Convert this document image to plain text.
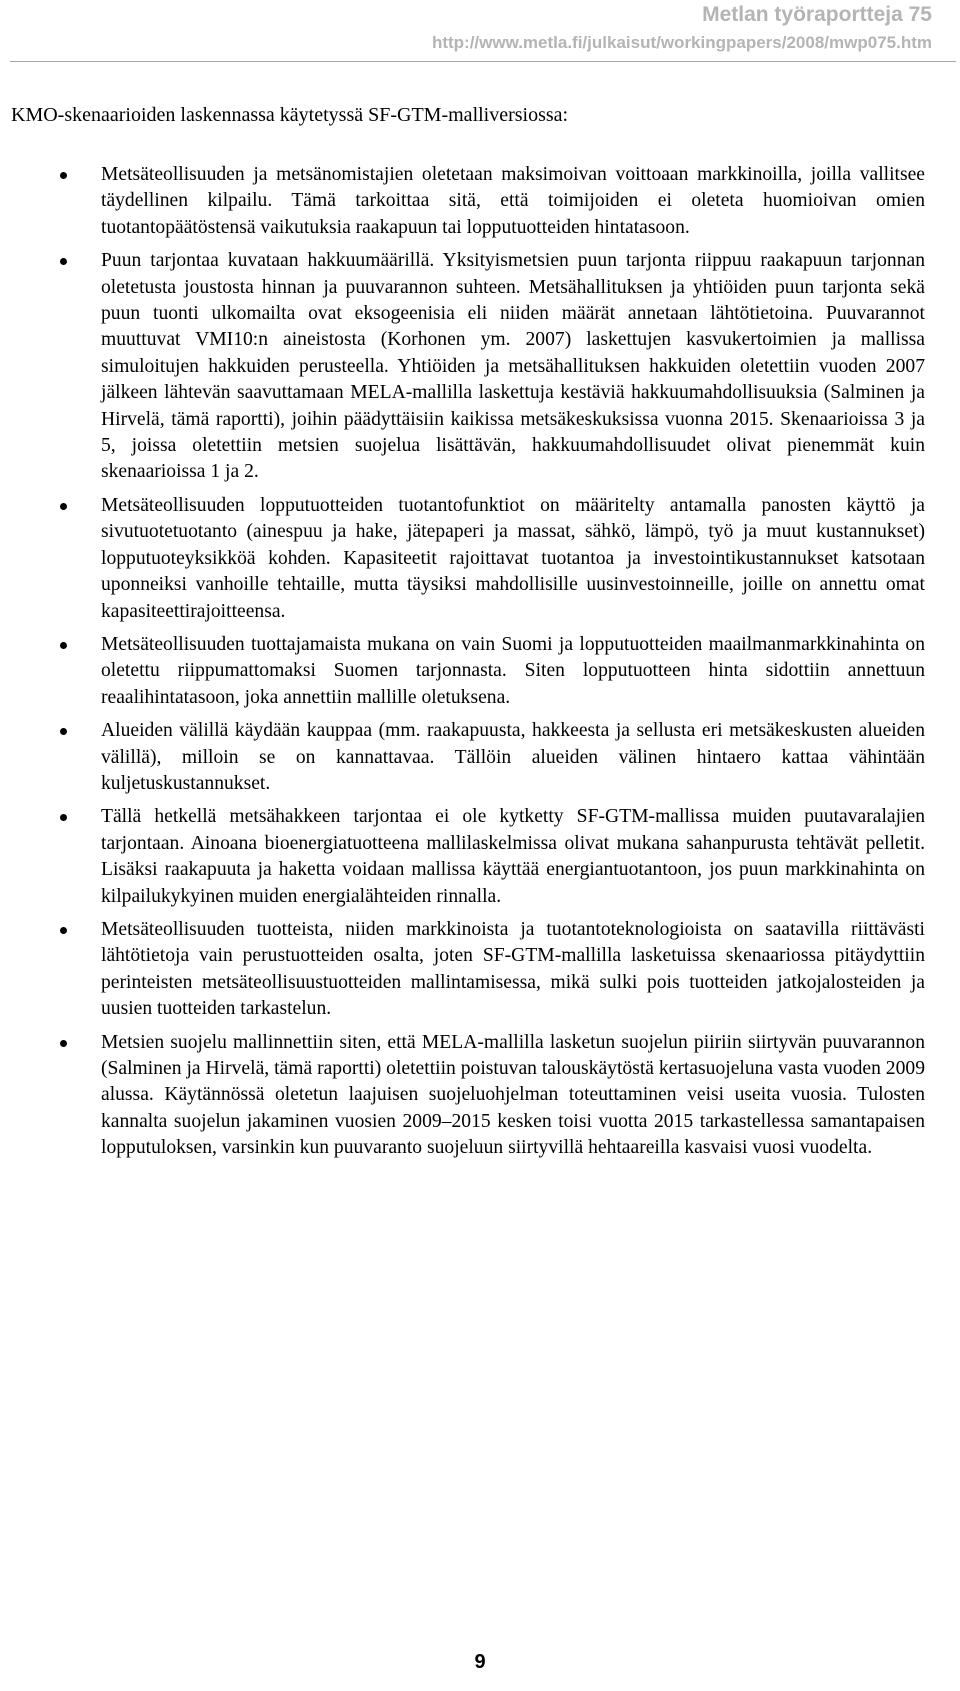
Metlan työraportteja 75
http://www.metla.fi/julkaisut/workingpapers/2008/mwp075.htm
KMO-skenaarioiden laskennassa käytetyssä SF-GTM-malliversiossa:
Metsäteollisuuden ja metsänomistajien oletetaan maksimoivan voittoaan markkinoilla, joilla vallitsee täydellinen kilpailu. Tämä tarkoittaa sitä, että toimijoiden ei oleteta huomioivan omien tuotantopäätöstensä vaikutuksia raakapuun tai lopputuotteiden hintatasoon.
Puun tarjontaa kuvataan hakkuumäärillä. Yksityismetsien puun tarjonta riippuu raakapuun tarjonnan oletetusta joustosta hinnan ja puuvarannon suhteen. Metsähallituksen ja yhtiöiden puun tarjonta sekä puun tuonti ulkomailta ovat eksogeenisia eli niiden määrät annetaan lähtötietoina. Puuvarannot muuttuvat VMI10:n aineistosta (Korhonen ym. 2007) laskettujen kasvukertoimien ja mallissa simuloitujen hakkuiden perusteella. Yhtiöiden ja metsähallituksen hakkuiden oletettiin vuoden 2007 jälkeen lähtevän saavuttamaan MELA-mallilla laskettuja kestäviä hakkuumahdollisuuksia (Salminen ja Hirvelä, tämä raportti), joihin päädyttäisiin kaikissa metsäkeskuksissa vuonna 2015. Skenaarioissa 3 ja 5, joissa oletettiin metsien suojelua lisättävän, hakkuumahdollisuudet olivat pienemmät kuin skenaarioissa 1 ja 2.
Metsäteollisuuden lopputuotteiden tuotantofunktiot on määritelty antamalla panosten käyttö ja sivutuotetuotanto (ainespuu ja hake, jätepaperi ja massat, sähkö, lämpö, työ ja muut kustannukset) lopputuoteyksikköä kohden. Kapasiteetit rajoittavat tuotantoa ja investointikustannukset katsotaan uponneiksi vanhoille tehtaille, mutta täysiksi mahdollisille uusinvestoinneille, joille on annettu omat kapasiteettirajoitteensa.
Metsäteollisuuden tuottajamaista mukana on vain Suomi ja lopputuotteiden maailmanmarkkinahinta on oletettu riippumattomaksi Suomen tarjonnasta. Siten lopputuotteen hinta sidottiin annettuun reaalihintatasoon, joka annettiin mallille oletuksena.
Alueiden välillä käydään kauppaa (mm. raakapuusta, hakkeesta ja sellusta eri metsäkeskusten alueiden välillä), milloin se on kannattavaa. Tällöin alueiden välinen hintaero kattaa vähintään kuljetuskustannukset.
Tällä hetkellä metsähakkeen tarjontaa ei ole kytketty SF-GTM-mallissa muiden puutavaralajien tarjontaan. Ainoana bioenergiatuotteena mallilaskelmissa olivat mukana sahanpurusta tehtävät pelletit. Lisäksi raakapuuta ja haketta voidaan mallissa käyttää energiantuotantoon, jos puun markkinahinta on kilpailukykyinen muiden energialähteiden rinnalla.
Metsäteollisuuden tuotteista, niiden markkinoista ja tuotantoteknologioista on saatavilla riittävästi lähtötietoja vain perustuotteiden osalta, joten SF-GTM-mallilla lasketuissa skenaariossa pitäydyttiin perinteisten metsäteollisuustuotteiden mallintamisessa, mikä sulki pois tuotteiden jatkojalosteiden ja uusien tuotteiden tarkastelun.
Metsien suojelu mallinnettiin siten, että MELA-mallilla lasketun suojelun piiriin siirtyvän puuvarannon (Salminen ja Hirvelä, tämä raportti) oletettiin poistuvan talouskäytöstä kertasuojeluna vasta vuoden 2009 alussa. Käytännössä oletetun laajuisen suojeluohjelman toteuttaminen veisi useita vuosia. Tulosten kannalta suojelun jakaminen vuosien 2009–2015 kesken toisi vuotta 2015 tarkastellessa samantapaisen lopputuloksen, varsinkin kun puuvaranto suojeluun siirtyvillä hehtaareilla kasvaisi vuosi vuodelta.
9
